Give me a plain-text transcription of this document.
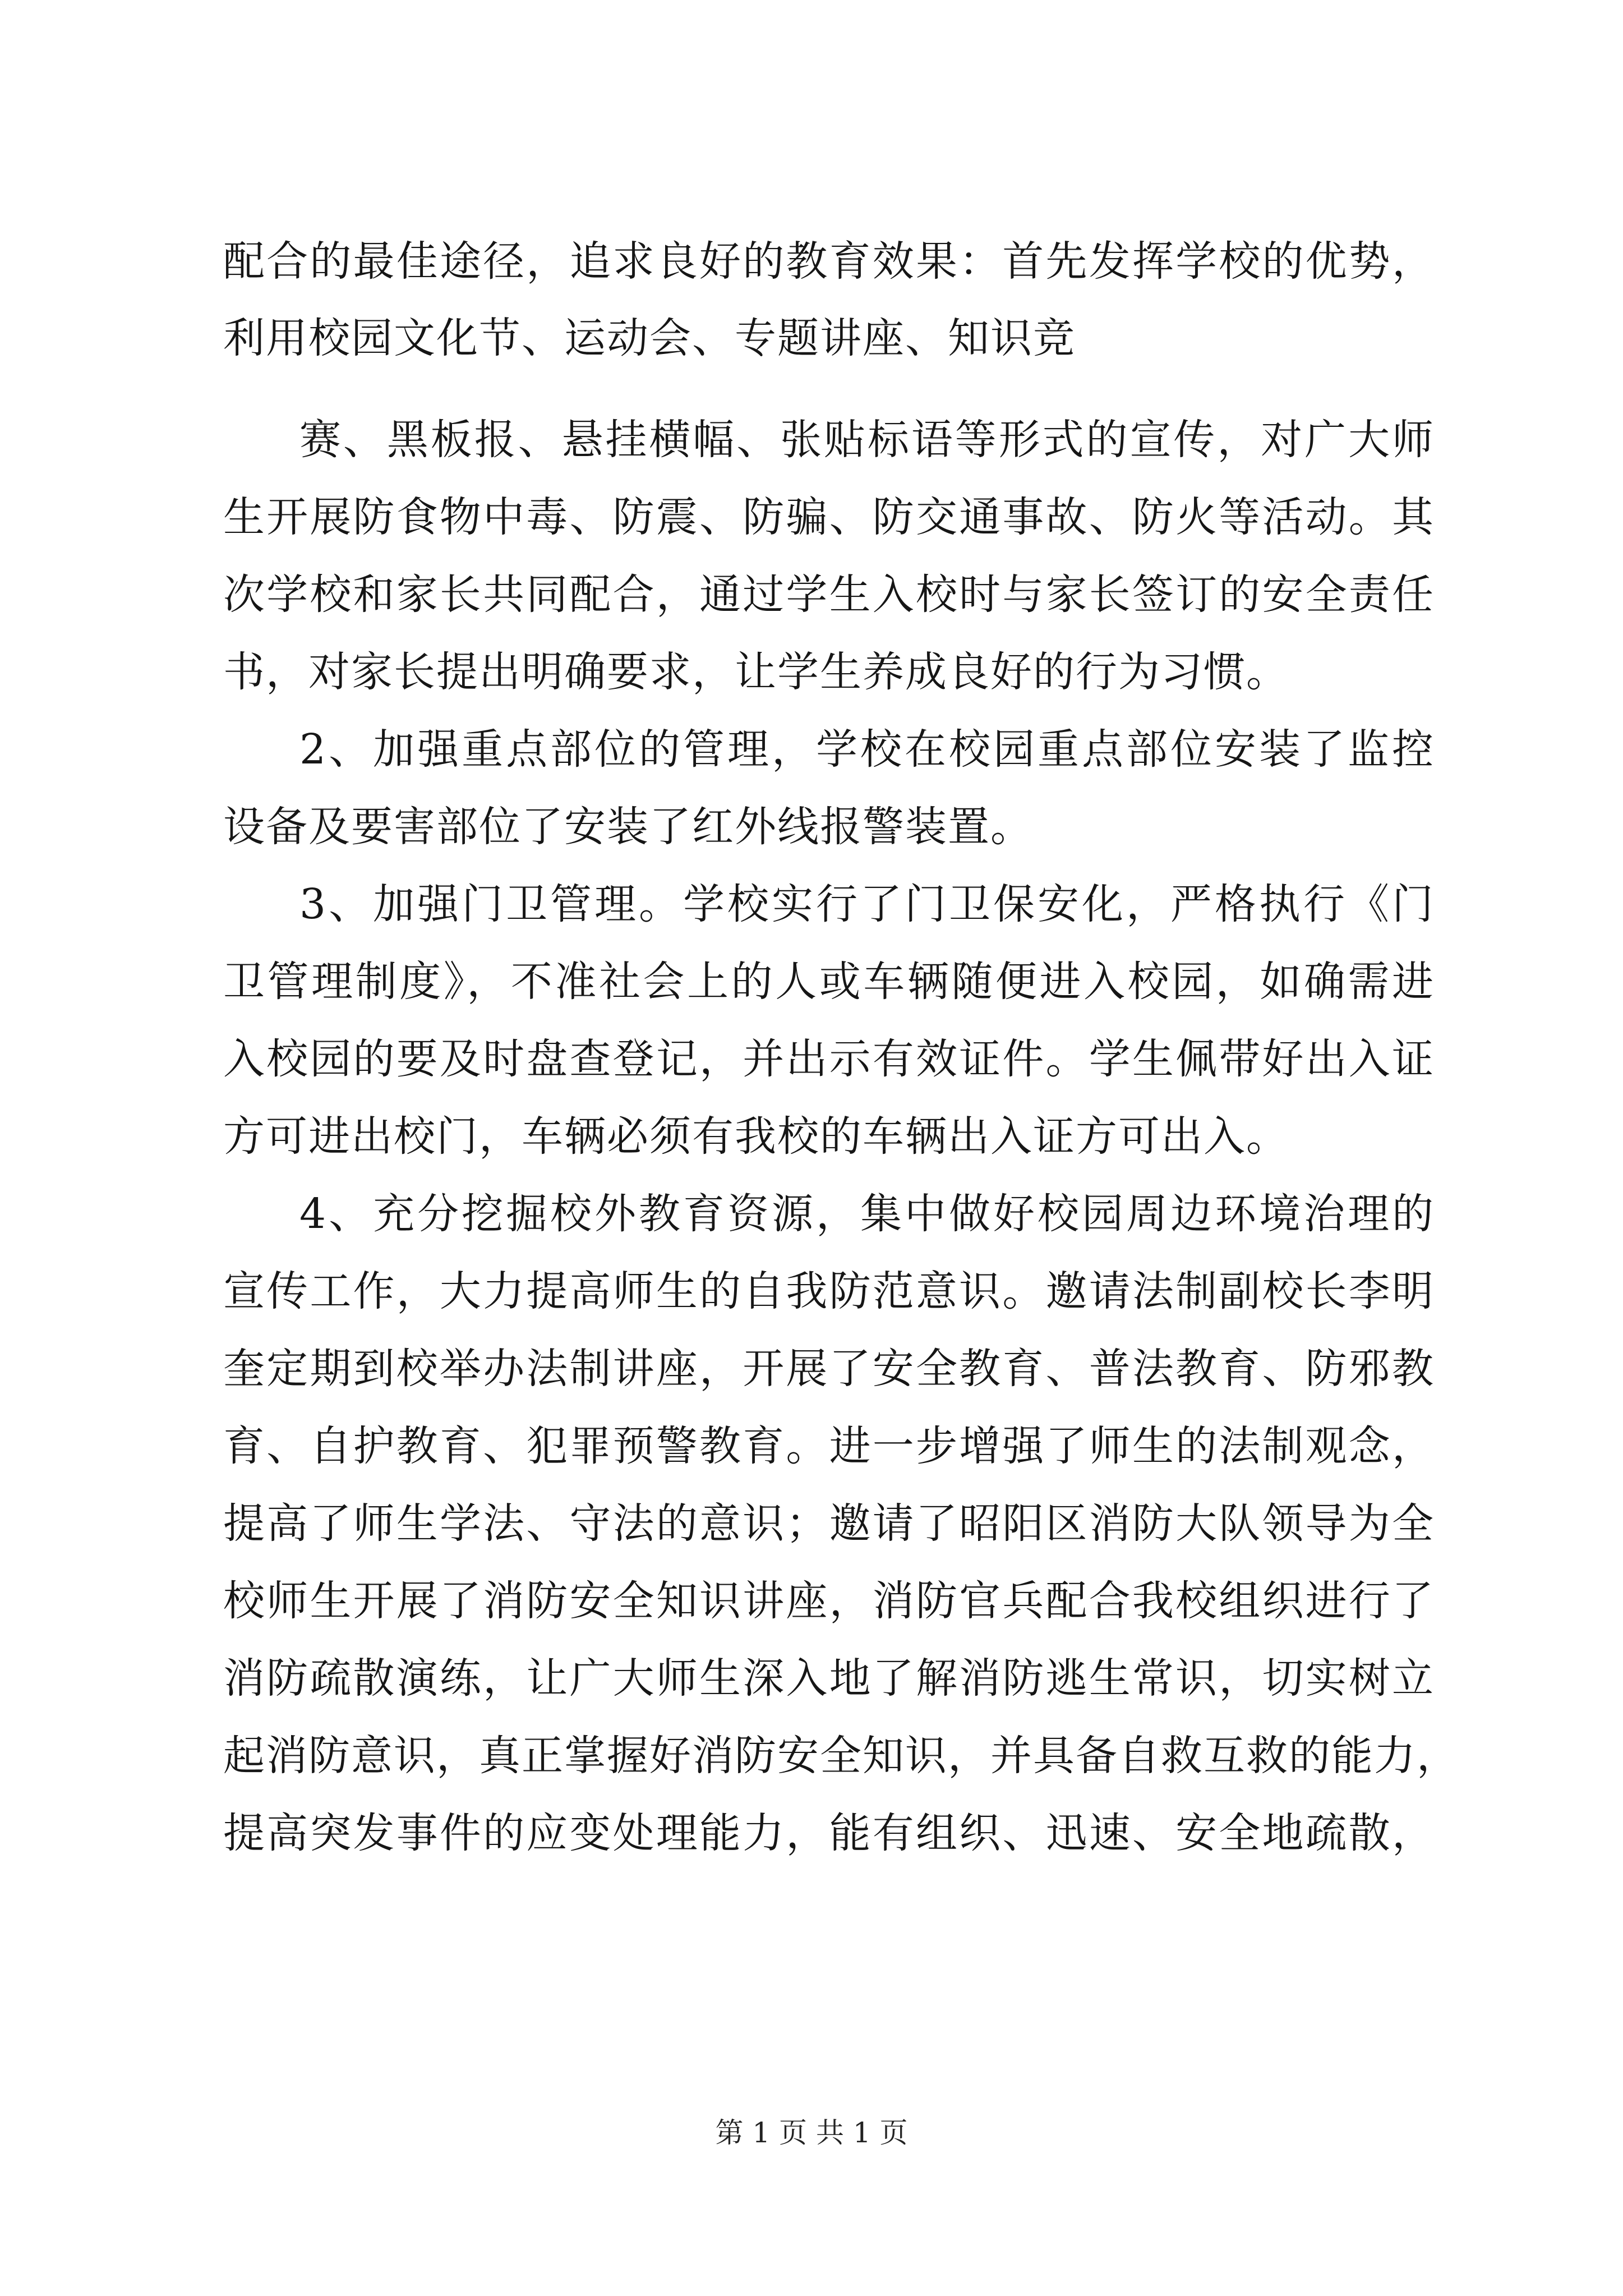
配合的最佳途径，追求良好的教育效果：首先发挥学校的优势，
利用校园文化节、运动会、专题讲座、知识竞
赛、黑板报、悬挂横幅、张贴标语等形式的宣传，对广大师
生开展防食物中毒、防震、防骗、防交通事故、防火等活动。其
次学校和家长共同配合，通过学生入校时与家长签订的安全责任
书，对家长提出明确要求，让学生养成良好的行为习惯。
2、加强重点部位的管理，学校在校园重点部位安装了监控
设备及要害部位了安装了红外线报警装置。
3、加强门卫管理。学校实行了门卫保安化，严格执行《门
卫管理制度》，不准社会上的人或车辆随便进入校园，如确需进
入校园的要及时盘查登记，并出示有效证件。学生佩带好出入证
方可进出校门，车辆必须有我校的车辆出入证方可出入。
4、充分挖掘校外教育资源，集中做好校园周边环境治理的
宣传工作，大力提高师生的自我防范意识。邀请法制副校长李明
奎定期到校举办法制讲座，开展了安全教育、普法教育、防邪教
育、自护教育、犯罪预警教育。进一步增强了师生的法制观念，
提高了师生学法、守法的意识；邀请了昭阳区消防大队领导为全
校师生开展了消防安全知识讲座，消防官兵配合我校组织进行了
消防疏散演练，让广大师生深入地了解消防逃生常识，切实树立
起消防意识，真正掌握好消防安全知识，并具备自救互救的能力，
提高突发事件的应变处理能力，能有组织、迅速、安全地疏散，
第 1 页 共 1 页
